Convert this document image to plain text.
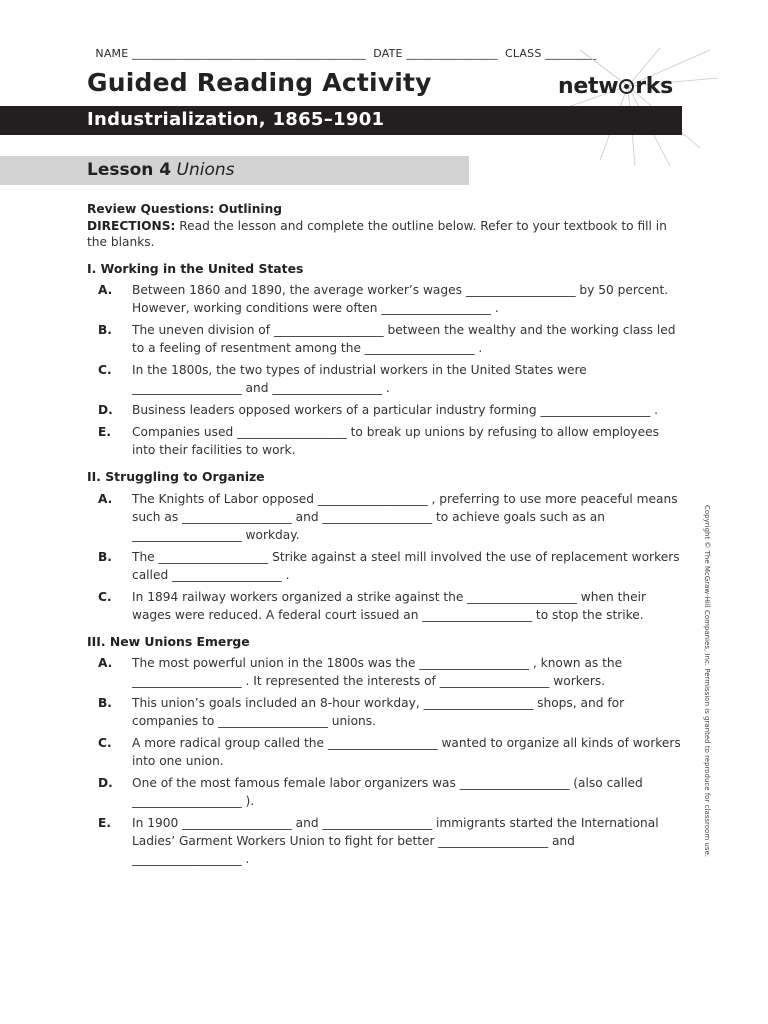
NAME _________________________________________ DATE ________________ CLASS _________

Guided Reading Activity	netw rks
Industrialization, 1865–1901
Lesson 4 Unions
Review Questions: Outlining
DIRECTIONS: Read the lesson and complete the outline below. Refer to your textbook to fill in the blanks.
I. Working in the United States
A. Between 1860 and 1890, the average worker’s wages __________________ by 50 percent. However, working conditions were often __________________ .
B. The uneven division of __________________ between the wealthy and the working class led to a feeling of resentment among the __________________ .
C. In the 1800s, the two types of industrial workers in the United States were __________________ and __________________ .
D. Business leaders opposed workers of a particular industry forming __________________ .
E. Companies used __________________ to break up unions by refusing to allow employees into their facilities to work.
II. Struggling to Organize
A. The Knights of Labor opposed __________________ , preferring to use more peaceful means such as __________________ and __________________ to achieve goals such as an __________________ workday.
B. The __________________ Strike against a steel mill involved the use of replacement workers called __________________ .
C. In 1894 railway workers organized a strike against the __________________ when their wages were reduced. A federal court issued an __________________ to stop the strike.
III. New Unions Emerge
A. The most powerful union in the 1800s was the __________________ , known as the __________________ . It represented the interests of __________________ workers.
B. This union’s goals included an 8-hour workday, __________________ shops, and for companies to __________________ unions.
C. A more radical group called the __________________ wanted to organize all kinds of workers into one union.
D. One of the most famous female labor organizers was __________________ (also called __________________ ).
E. In 1900 __________________ and __________________ immigrants started the International Ladies’ Garment Workers Union to fight for better __________________ and __________________ .
Copyright © The McGraw-Hill Companies, Inc. Permission is granted to reproduce for classroom use.
